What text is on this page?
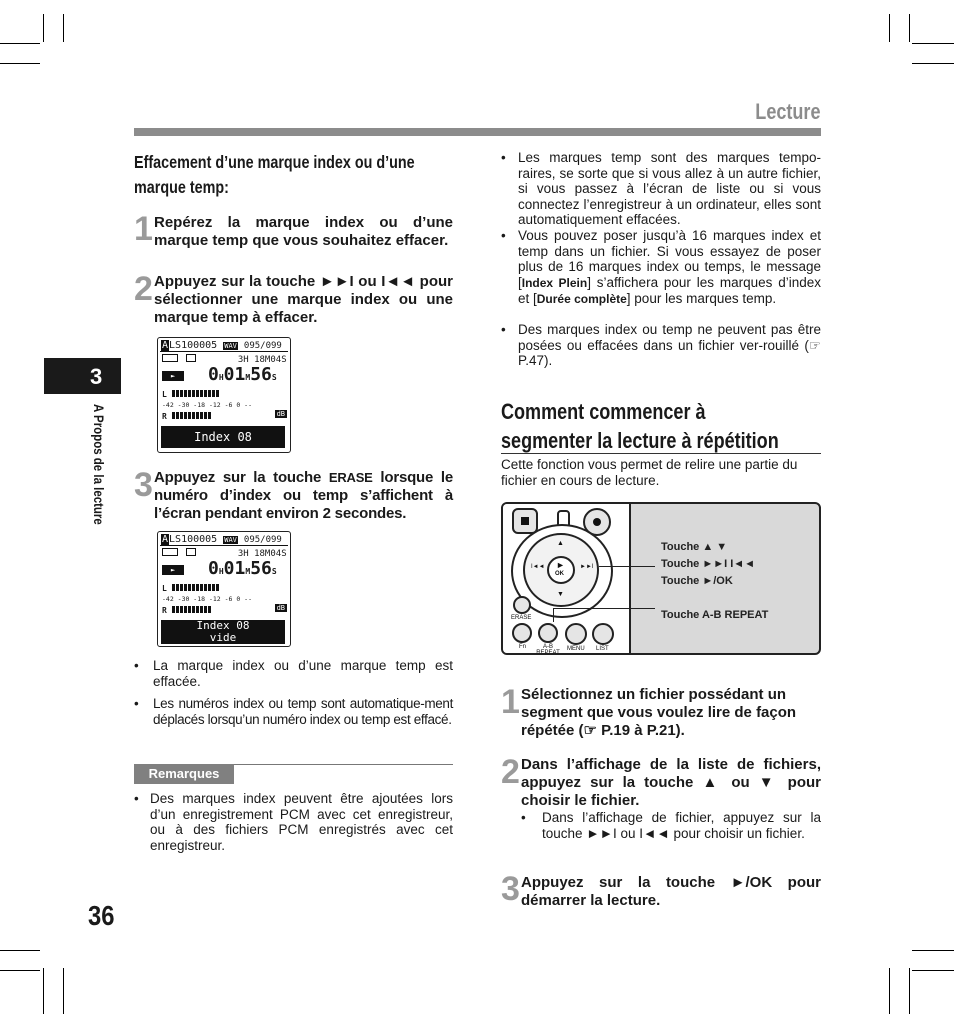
Lecture
3
A Propos de la lecture
36
Effacement d’une marque index ou d’une
marque temp:
1 Repérez la marque index ou d’une marque temp que vous souhaitez effacer.
2 Appuyez sur la touche ►►I ou I◄◄ pour sélectionner une marque index ou une marque temp à effacer.
ALS100005 WAV 095/099
3H 18M04S
►	0H01M56S
L
-42 -30 -18 -12 -6 0 --
R	dB
Index 08
3 Appuyez sur la touche ERASE lorsque le numéro d’index ou temp s’affichent à l’écran pendant environ 2 secondes.
ALS100005 WAV 095/099
3H 18M04S
►	0H01M56S
L
-42 -30 -18 -12 -6 0 --
R	dB
Index 08
vide
• La marque index ou d’une marque temp est effacée.
• Les numéros index ou temp sont automatique-ment déplacés lorsqu’un numéro index ou temp est effacé.
Remarques
• Des marques index peuvent être ajoutées lors d’un enregistrement PCM avec cet enregistreur, ou à des fichiers PCM enregistrés avec cet enregistreur.
• Les marques temp sont des marques tempo-raires, se sorte que si vous allez à un autre fichier, si vous passez à l’écran de liste ou si vous connectez l’enregistreur à un ordinateur, elles sont automatiquement effacées.
• Vous pouvez poser jusqu’à 16 marques index et temp dans un fichier. Si vous essayez de poser plus de 16 marques index ou temps, le message [Index Plein] s’affichera pour les marques d’index et [Durée complète] pour les marques temp.
• Des marques index ou temp ne peuvent pas être posées ou effacées dans un fichier ver-rouillé (☞ P.47).
Comment commencer à
segmenter la lecture à répétition
Cette fonction vous permet de relire une partie du fichier en cours de lecture.
▲
▼
I◄◄	►►I
►
OK
ERASE
Fn	A-B REPEAT
MENU LIST
Touche ▲ ▼
Touche ►►I I◄◄
Touche ►/OK
Touche A-B REPEAT
1 Sélectionnez un fichier possédant un segment que vous voulez lire de façon répétée (☞ P.19 à P.21).
2 Dans l’affichage de la liste de fichiers, appuyez sur la touche ▲ ou ▼ pour choisir le fichier.
• Dans l’affichage de fichier, appuyez sur la touche ►►I ou I◄◄ pour choisir un fichier.
3 Appuyez sur la touche ►/OK pour démarrer la lecture.
